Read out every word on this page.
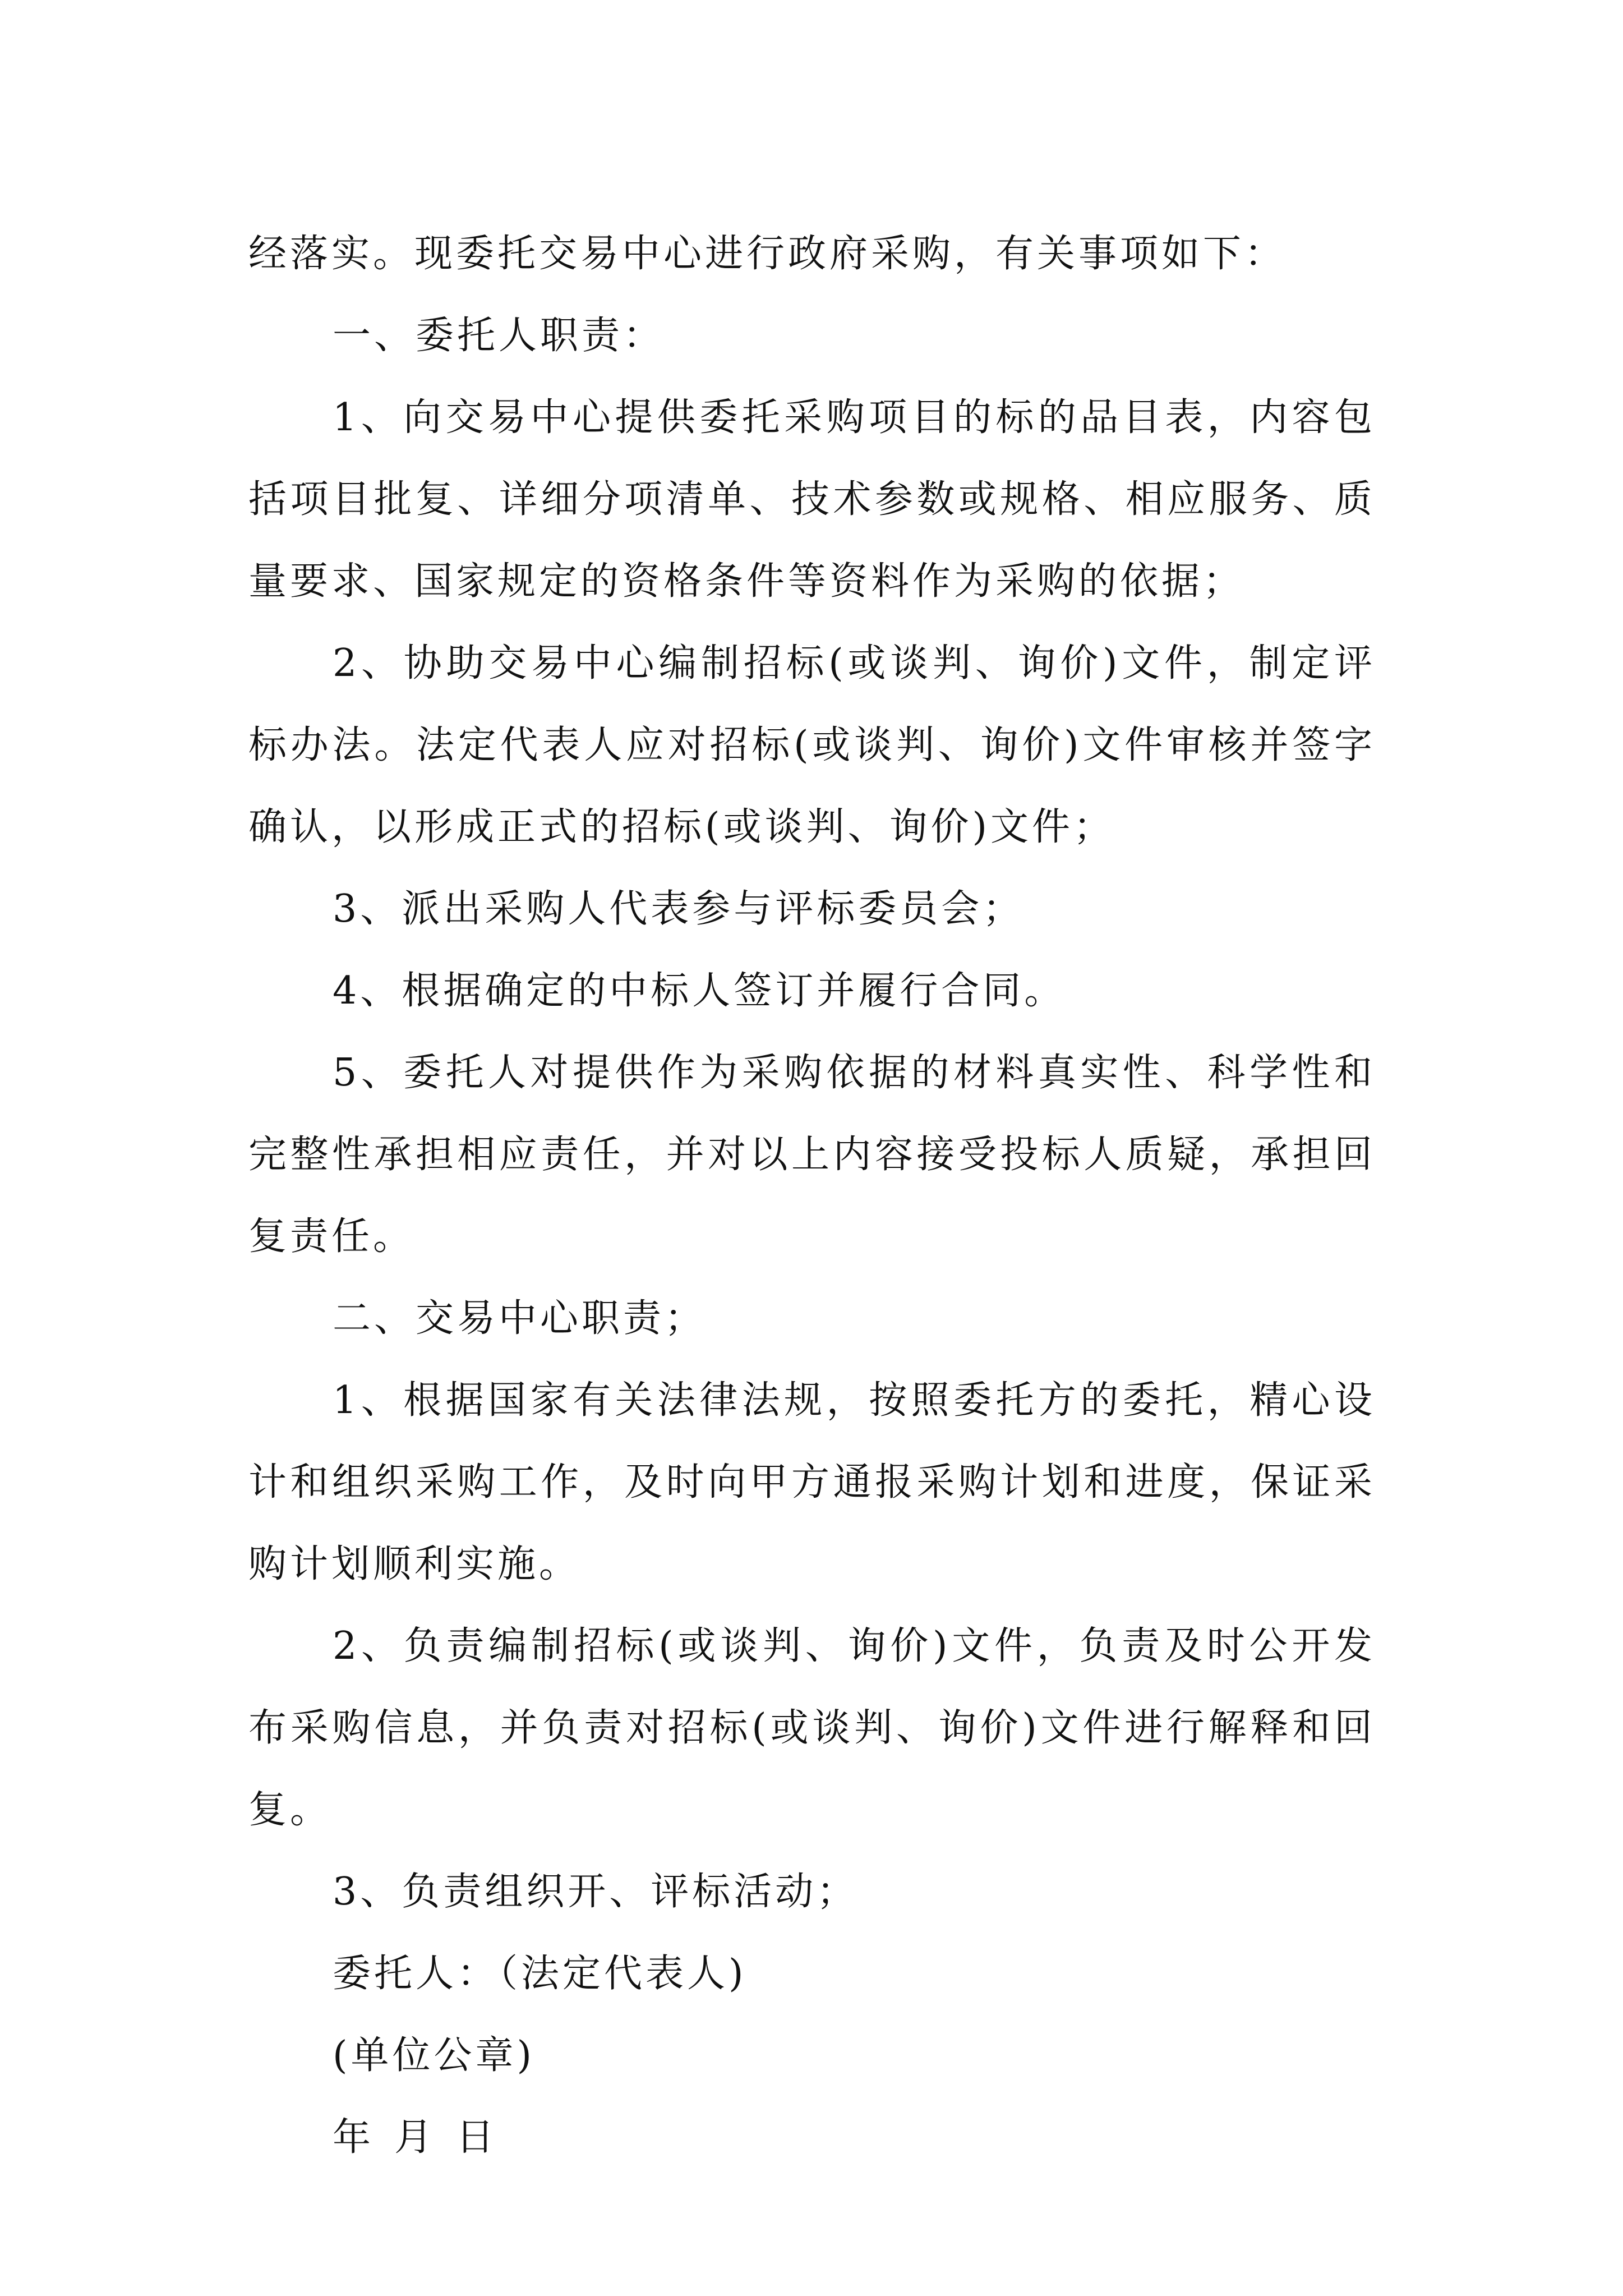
经落实。现委托交易中心进行政府采购，有关事项如下：

一、委托人职责：

1、向交易中心提供委托采购项目的标的品目表，内容包括项目批复、详细分项清单、技术参数或规格、相应服务、质量要求、国家规定的资格条件等资料作为采购的依据；

2、协助交易中心编制招标(或谈判、询价)文件，制定评标办法。法定代表人应对招标(或谈判、询价)文件审核并签字确认，以形成正式的招标(或谈判、询价)文件；

3、派出采购人代表参与评标委员会；

4、根据确定的中标人签订并履行合同。

5、委托人对提供作为采购依据的材料真实性、科学性和完整性承担相应责任，并对以上内容接受投标人质疑，承担回复责任。

二、交易中心职责；

1、根据国家有关法律法规，按照委托方的委托，精心设计和组织采购工作，及时向甲方通报采购计划和进度，保证采购计划顺利实施。

2、负责编制招标(或谈判、询价)文件，负责及时公开发布采购信息，并负责对招标(或谈判、询价)文件进行解释和回复。

3、负责组织开、评标活动；

委托人：（法定代表人)

(单位公章)

年 月 日
